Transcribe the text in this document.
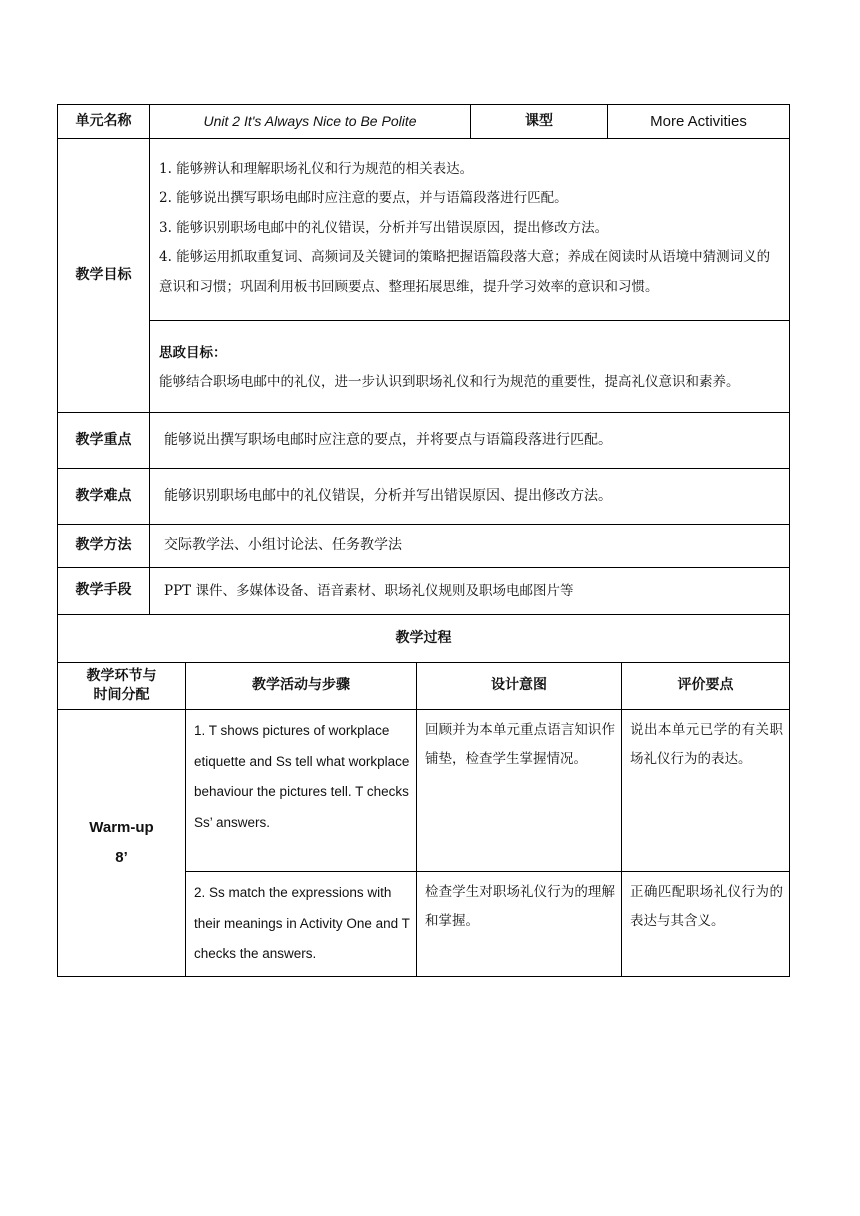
单元名称	Unit 2 It's Always Nice to Be Polite	课型	More Activities
教学目标	1. 能够辨认和理解职场礼仪和行为规范的相关表达。

2. 能够说出撰写职场电邮时应注意的要点，并与语篇段落进行匹配。

3. 能够识别职场电邮中的礼仪错误，分析并写出错误原因，提出修改方法。

4. 能够运用抓取重复词、高频词及关键词的策略把握语篇段落大意；养成在阅读时从语境中猜测词义的意识和习惯；巩固利用板书回顾要点、整理拓展思维，提升学习效率的意识和习惯。		

	思政目标：
能够结合职场电邮中的礼仪，进一步认识到职场礼仪和行为规范的重要性，提高礼仪意识和素养。		

教学重点	能够说出撰写职场电邮时应注意的要点，并将要点与语篇段落进行匹配。		
教学难点	能够识别职场电邮中的礼仪错误，分析并写出错误原因、提出修改方法。		
教学方法	交际教学法、小组讨论法、任务教学法		
教学手段	PPT 课件、多媒体设备、语音素材、职场礼仪规则及职场电邮图片等		
教学过程			
教学环节与时间分配	教学活动与步骤	设计意图	评价要点

Warm-up
8’	1. T shows pictures of workplace etiquette and Ss tell what workplace behaviour the pictures tell. T checks Ss’ answers.	回顾并为本单元重点语言知识作铺垫，检查学生掌握情况。	说出本单元已学的有关职场礼仪行为的表达。
	2. Ss match the expressions with their meanings in Activity One and T checks the answers.	检查学生对职场礼仪行为的理解和掌握。	正确匹配职场礼仪行为的表达与其含义。
